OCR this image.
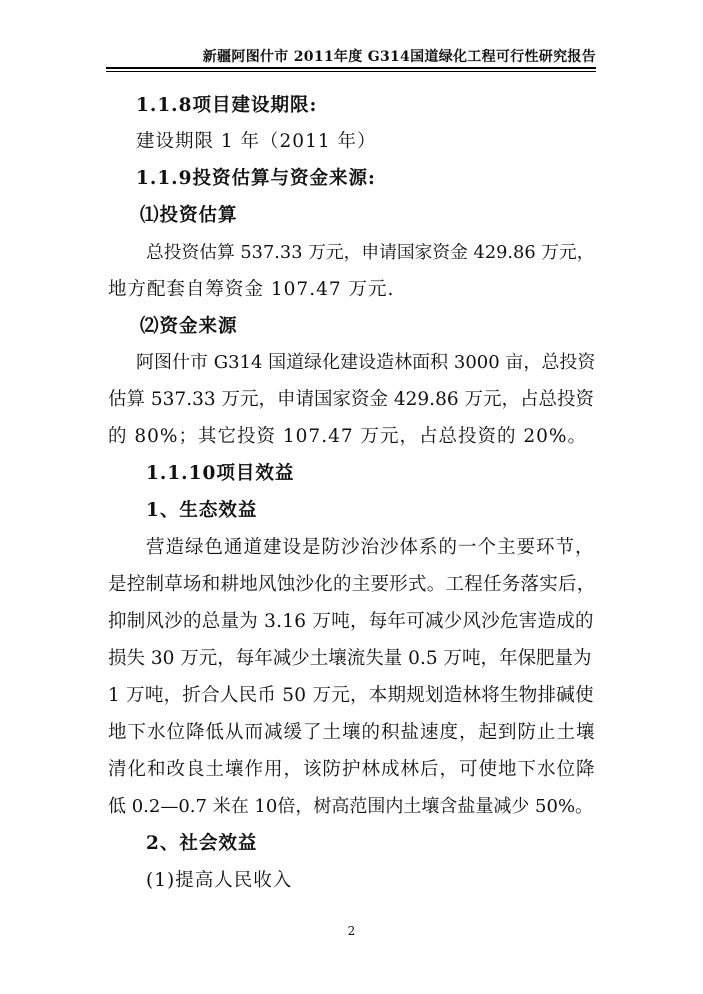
新疆阿图什市 2011年度 G314国道绿化工程可行性研究报告
1.1.8项目建设期限:
建设期限 1 年（2011 年）
1.1.9投资估算与资金来源:
⑴投资估算
总投资估算 537.33 万元，申请国家资金 429.86 万元，
地方配套自筹资金 107.47 万元.
⑵资金来源
阿图什市 G314 国道绿化建设造林面积 3000 亩，总投资
估算 537.33 万元，申请国家资金 429.86 万元，占总投资
的 80%；其它投资 107.47 万元，占总投资的 20%。
1.1.10项目效益
1、生态效益
营造绿色通道建设是防沙治沙体系的一个主要环节，
是控制草场和耕地风蚀沙化的主要形式。工程任务落实后，
抑制风沙的总量为 3.16 万吨，每年可减少风沙危害造成的
损失 30 万元，每年减少土壤流失量 0.5 万吨，年保肥量为
1 万吨，折合人民币 50 万元，本期规划造林将生物排碱使
地下水位降低从而减缓了土壤的积盐速度，起到防止土壤
清化和改良土壤作用，该防护林成林后，可使地下水位降
低 0.2—0.7 米在 10倍，树高范围内土壤含盐量减少 50%。
2、社会效益
(1)提高人民收入
2
